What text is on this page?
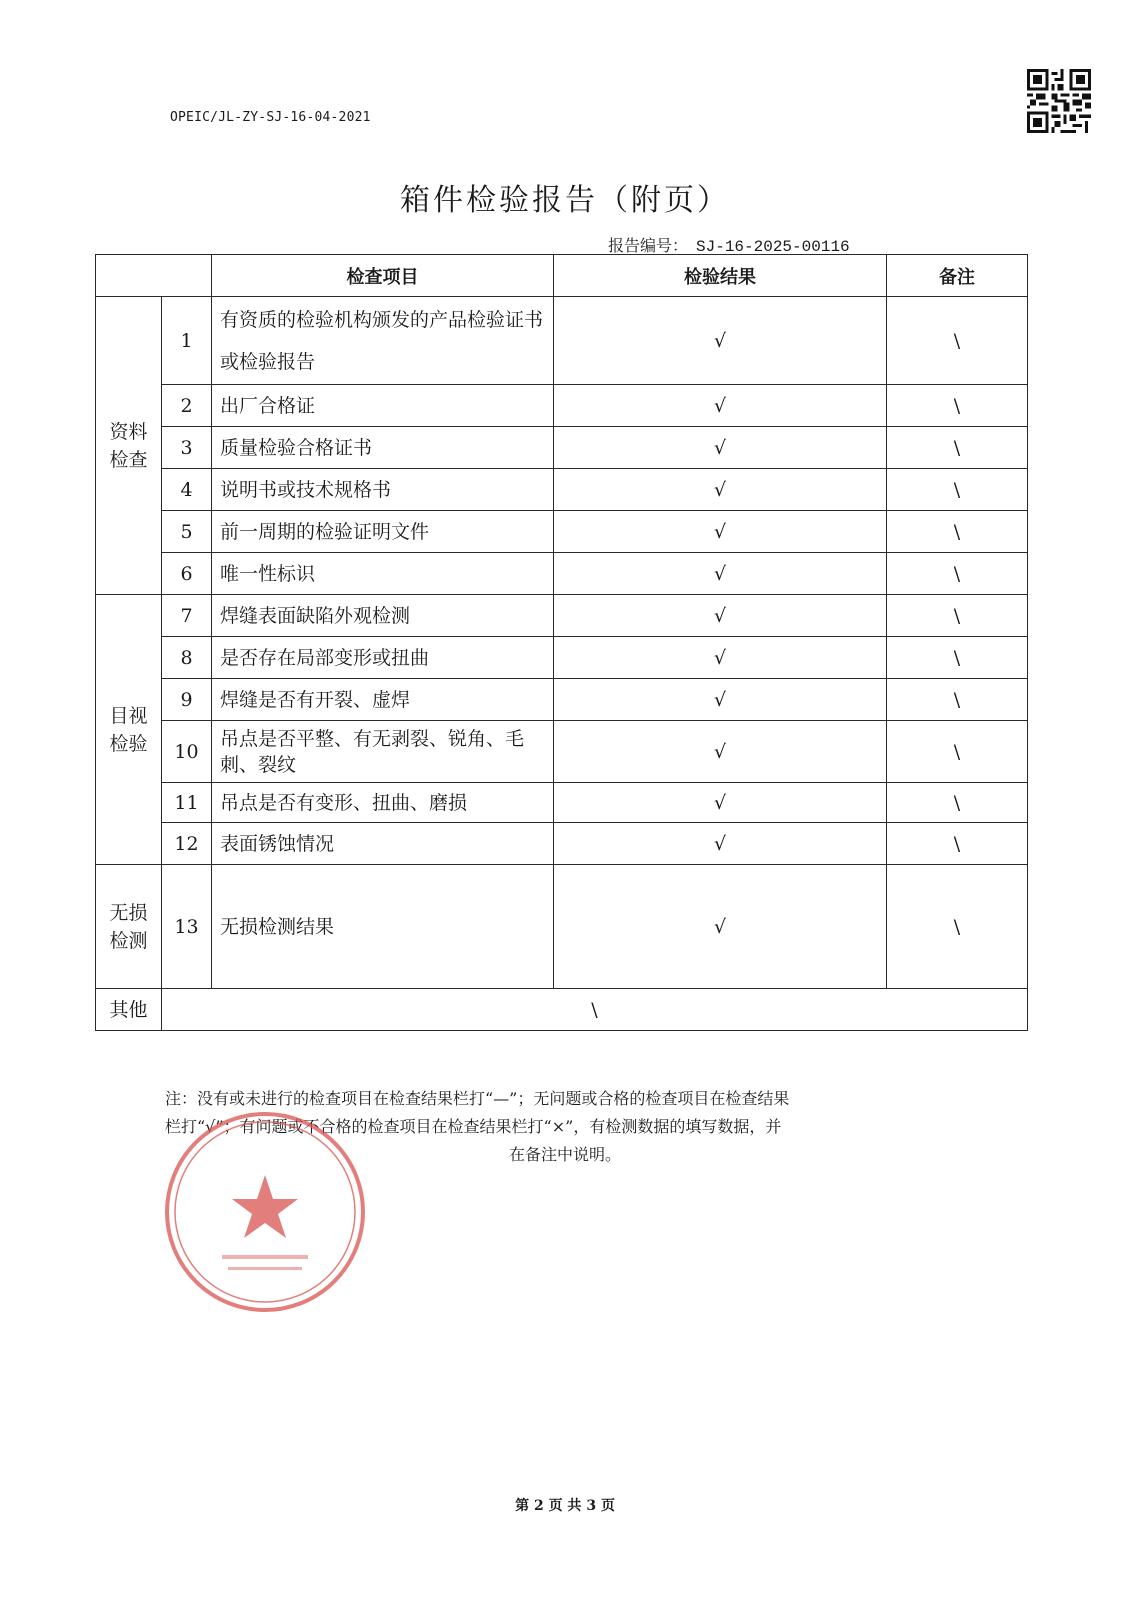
OPEIC/JL-ZY-SJ-16-04-2021
箱件检验报告（附页）
报告编号： SJ-16-2025-00116
		检查项目	检验结果	备注

资料
检查	1	有资质的检验机构颁发的产品检验证书或检验报告	√	\
	2	出厂合格证	√	\
	3	质量检验合格证书	√	\
	4	说明书或技术规格书	√	\
	5	前一周期的检验证明文件	√	\
	6	唯一性标识	√	\

目视
检验	7	焊缝表面缺陷外观检测	√	\
	8	是否存在局部变形或扭曲	√	\
	9	焊缝是否有开裂、虚焊	√	\
	10	吊点是否平整、有无剥裂、锐角、毛刺、裂纹	√	\
	11	吊点是否有变形、扭曲、磨损	√	\
	12	表面锈蚀情况	√	\

无损
检测	13	无损检测结果	√	\
其他	\			
注：没有或未进行的检查项目在检查结果栏打“—”；无问题或合格的检查项目在检查结果
栏打“√”；有问题或不合格的检查项目在检查结果栏打“×”，有检测数据的填写数据，并
在备注中说明。
第 2 页 共 3 页
